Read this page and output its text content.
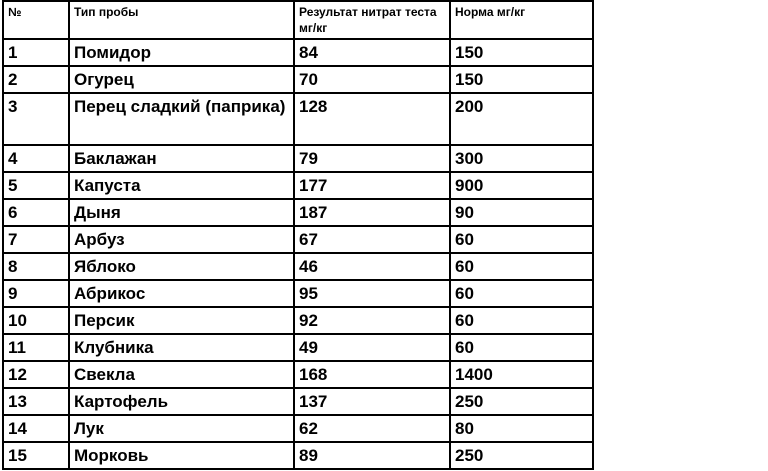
№	Тип пробы	Результат нитрат теста мг/кг	Норма мг/кг
1	Помидор	84	150
2	Огурец	70	150
3	Перец сладкий (паприка)	128	200
4	Баклажан	79	300
5	Капуста	177	900
6	Дыня	187	90
7	Арбуз	67	60
8	Яблоко	46	60
9	Абрикос	95	60
10	Персик	92	60
11	Клубника	49	60
12	Свекла	168	1400
13	Картофель	137	250
14	Лук	62	80
15	Морковь	89	250
